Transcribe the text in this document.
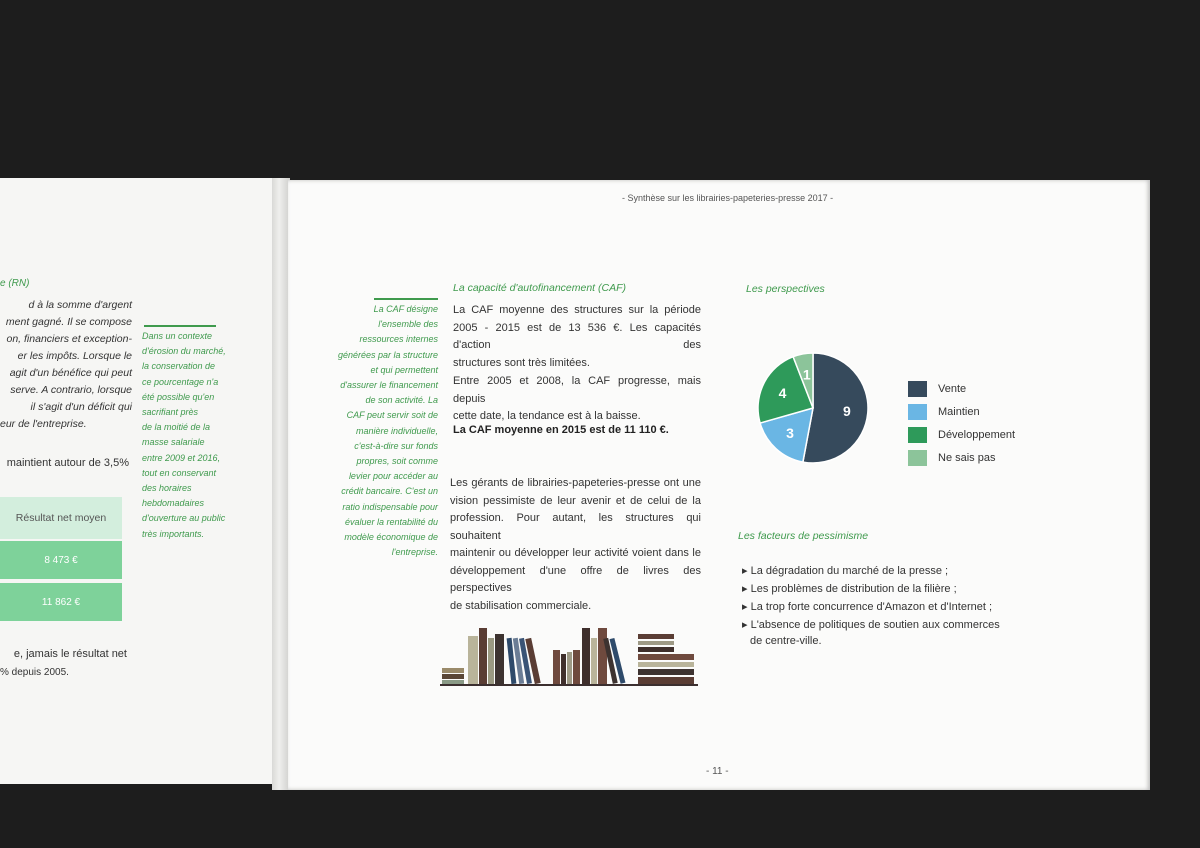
e (RN)
d à la somme d'argent
ment gagné. Il se compose
on, financiers et exception-
er les impôts. Lorsque le
agit d'un bénéfice qui peut
serve. A contrario, lorsque
il s'agit d'un déficit qui
eur de l'entreprise.
Dans un contexte
d'érosion du marché,
la conservation de
ce pourcentage n'a
été possible qu'en
sacrifiant près
de la moitié de la
masse salariale
entre 2009 et 2016,
tout en conservant
des horaires
hebdomadaires
d'ouverture au public
très importants.
maintient autour de 3,5%
Résultat net moyen
8 473 €
11 862 €
e, jamais le résultat net
% depuis 2005.
- Synthèse sur les librairies-papeteries-presse 2017 -
La CAF désigne
l'ensemble des
ressources internes
générées par la structure
et qui permettent
d'assurer le financement
de son activité. La
CAF peut servir soit de
manière individuelle,
c'est-à-dire sur fonds
propres, soit comme
levier pour accéder au
crédit bancaire. C'est un
ratio indispensable pour
évaluer la rentabilité du
modèle économique de
l'entreprise.
La capacité d'autofinancement (CAF)
La CAF moyenne des structures sur la période
2005 - 2015 est de 13 536 €. Les capacités d'action des
structures sont très limitées.
Entre 2005 et 2008, la CAF progresse, mais depuis
cette date, la tendance est à la baisse.
La CAF moyenne en 2015 est de 11 110 €.
Les gérants de librairies-papeteries-presse ont une
vision pessimiste de leur avenir et de celui de la
profession. Pour autant, les structures qui souhaitent
maintenir ou développer leur activité voient dans le
développement d'une offre de livres des perspectives
de stabilisation commerciale.
Les perspectives
9
3
4
1
Vente
Maintien
Développement
Ne sais pas
Les facteurs de pessimisme
▸ La dégradation du marché de la presse ;
▸ Les problèmes de distribution de la filière ;
▸ La trop forte concurrence d'Amazon et d'Internet ;
▸ L'absence de politiques de soutien aux commerces
de centre-ville.
- 11 -
